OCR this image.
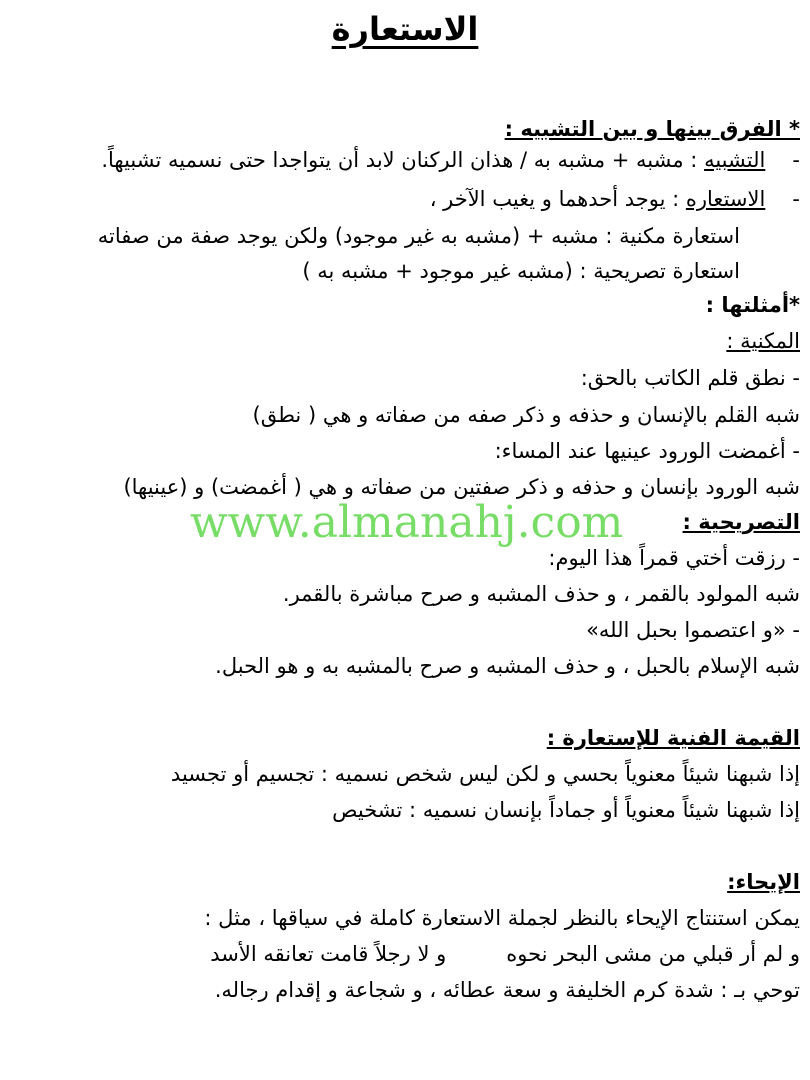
الاستعارة
* الفرق بينها و بين التشبيه :
- التشبيه : مشبه + مشبه به / هذان الركنان لابد أن يتواجدا حتى نسميه تشبيهاً.
- الاستعاره : يوجد أحدهما و يغيب الآخر ،
استعارة مكنية : مشبه + (مشبه به غير موجود) ولكن يوجد صفة من صفاته
استعارة تصريحية : (مشبه غير موجود + مشبه به )
*أمثلتها :
المكنية :
- نطق قلم الكاتب بالحق:
شبه القلم بالإنسان و حذفه و ذكر صفه من صفاته و هي ( نطق)
- أغمضت الورود عينيها عند المساء:
شبه الورود بإنسان و حذفه و ذكر صفتين من صفاته و هي ( أغمضت) و (عينيها)
التصريحية :
- رزقت أختي قمراً هذا اليوم:
شبه المولود بالقمر ، و حذف المشبه و صرح مباشرة بالقمر.
- «و اعتصموا بحبل الله»
شبه الإسلام بالحبل ، و حذف المشبه و صرح بالمشبه به و هو الحبل.
القيمة الفنية للإستعارة :
إذا شبهنا شيئاً معنوياً بحسي و لكن ليس شخص نسميه : تجسيم أو تجسيد
إذا شبهنا شيئاً معنوياً أو جماداً بإنسان نسميه : تشخيص
الإيحاء:
يمكن استنتاج الإيحاء بالنظر لجملة الاستعارة كاملة في سياقها ، مثل :
و لم أر قبلي من مشى البحر نحوهو لا رجلاً قامت تعانقه الأسد
توحي بـ : شدة كرم الخليفة و سعة عطائه ، و شجاعة و إقدام رجاله.
www.almanahj.com
